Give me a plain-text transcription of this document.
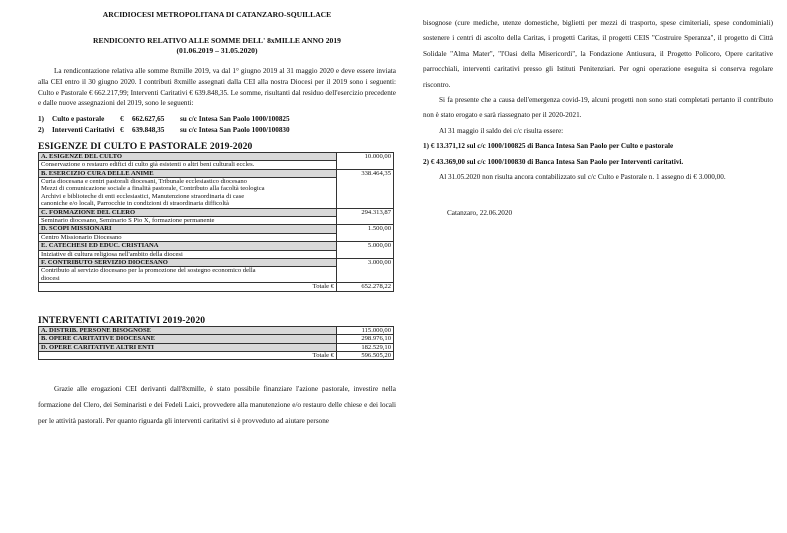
ARCIDIOCESI METROPOLITANA DI CATANZARO-SQUILLACE
RENDICONTO RELATIVO ALLE SOMME DELL' 8xMILLE ANNO 2019
(01.06.2019 – 31.05.2020)
La rendicontazione relativa alle somme 8xmille 2019, va dal 1° giugno 2019 al 31 maggio 2020 e deve essere inviata alla CEI entro il 30 giugno 2020. I contributi 8xmille assegnati dalla CEI alla nostra Diocesi per il 2019 sono i seguenti: Culto e Pastorale € 662.217,99; Interventi Caritativi € 639.848,35. Le somme, risultanti dal residuo dell'esercizio precedente e dalle nuove assegnazioni del 2019, sono le seguenti:
1)	Culto e pastorale	€	662.627,65	su c/c Intesa San Paolo 1000/100825
2)	Interventi Caritativi €	639.848,35	su c/c Intesa San Paolo 1000/100830
ESIGENZE DI CULTO E PASTORALE 2019-2020
A. ESIGENZE DEL CULTO	10.000,00

Conservazione o restauro edifici di culto già esistenti o altri beni culturali eccles.	

B. ESERCIZIO CURA DELLE ANIME	338.464,35

Curia diocesana e centri pastorali diocesani, Tribunale ecclesiastico diocesano
Mezzi di comunicazione sociale a finalità pastorale, Contributo alla facoltà teologica
Archivi e biblioteche di enti ecclesiastici, Manutenzione straordinaria di case
canoniche e/o locali, Parrocchie in condizioni di straordinaria difficoltà	

C. FORMAZIONE DEL CLERO	294.313,87

Seminario diocesano, Seminario S Pio X, formazione permanente	

D. SCOPI MISSIONARI	1.500,00

Centro Missionario Diocesano	

E. CATECHESI ED EDUC. CRISTIANA	5.000,00

Iniziative di cultura religiosa nell'ambito della diocesi	

F. CONTRIBUTO SERVIZIO DIOCESANO	3.000,00

Contributo al servizio diocesano per la promozione del sostegno economico della
diocesi	

Totale €	652.278,22
INTERVENTI CARITATIVI 2019-2020
A. DISTRIB. PERSONE BISOGNOSE	115.000,00
B. OPERE CARITATIVE DIOCESANE	298.976,10
D. OPERE CARITATIVE ALTRI ENTI	182.529,10
Totale €	596.505,20
Grazie alle erogazioni CEI derivanti dall'8xmille, è stato possibile finanziare l'azione pastorale, investire nella formazione del Clero, dei Seminaristi e dei Fedeli Laici, provvedere alla manutenzione e/o restauro delle chiese e dei locali per le attività pastorali. Per quanto riguarda gli interventi caritativi si è provveduto ad aiutare persone
bisognose (cure mediche, utenze domestiche, biglietti per mezzi di trasporto, spese cimiteriali, spese condominiali) sostenere i centri di ascolto della Caritas, i progetti Caritas, il progetti CEIS "Costruire Speranza", il progetto di Città Solidale "Alma Mater", "l'Oasi della Misericordi", la Fondazione Antiusura, il Progetto Policoro, Opere caritative parrocchiali, interventi caritativi presso gli Istituti Penitenziari. Per ogni operazione eseguita si conserva regolare riscontro.
Si fa presente che a causa dell'emergenza covid-19, alcuni progetti non sono stati completati pertanto il contributo non è stato erogato e sarà riassegnato per il 2020-2021.
Al 31 maggio il saldo dei c/c risulta essere:
1) € 13.371,12 sul c/c 1000/100825 di Banca Intesa San Paolo per Culto e pastorale
2) € 43.369,00 sul c/c 1000/100830 di Banca Intesa San Paolo per Interventi caritativi.
Al 31.05.2020 non risulta ancora contabilizzato sul c/c Culto e Pastorale n. 1 assegno di € 3.000,00.
Catanzaro, 22.06.2020
